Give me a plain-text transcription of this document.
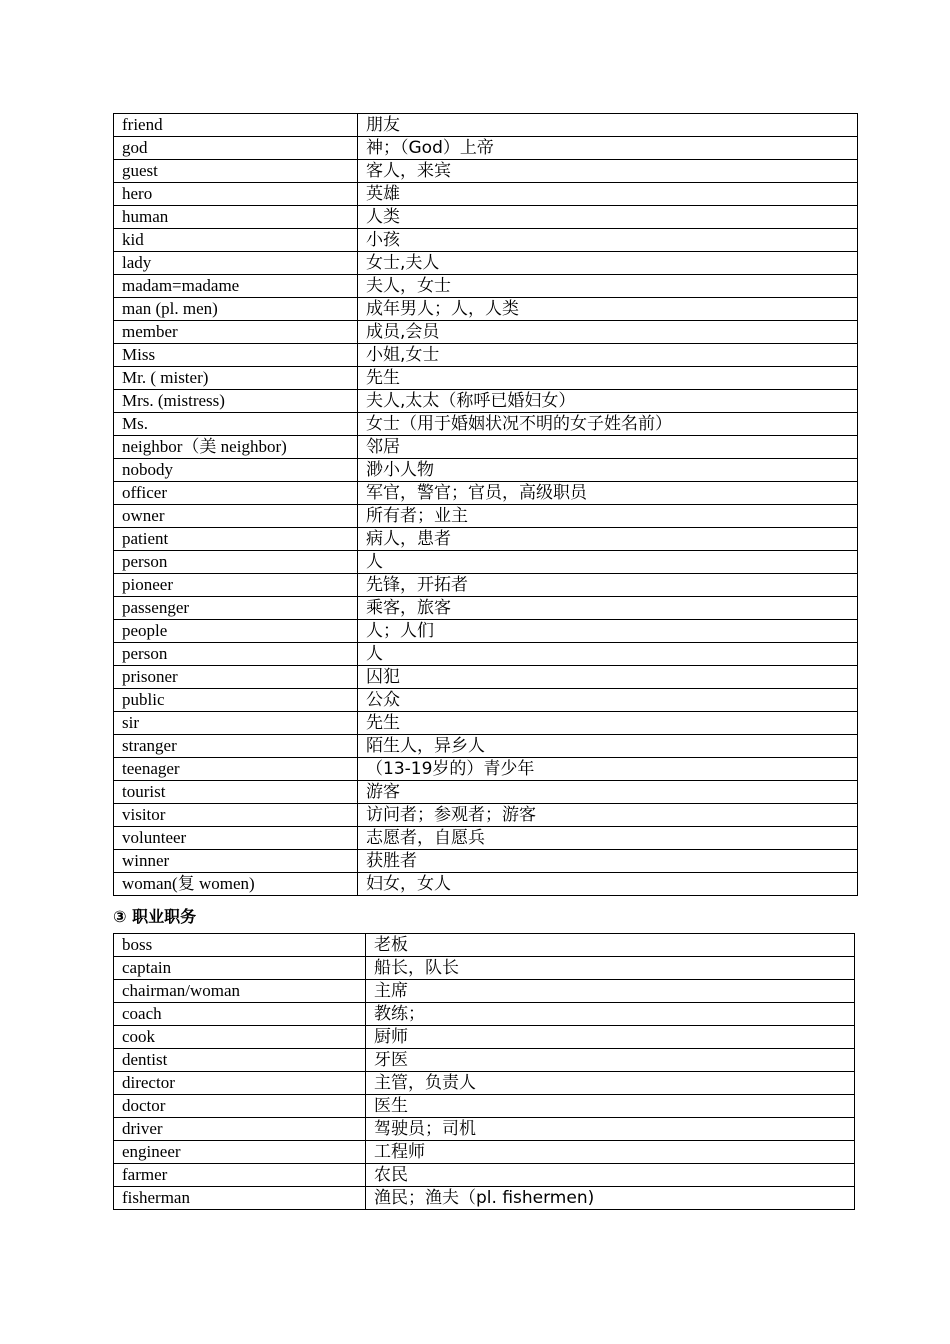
friend	朋友
god	神；（God）上帝
guest	客人，来宾
hero	英雄
human	人类
kid	小孩
lady	女士,夫人
madam=madame	夫人，女士
man (pl. men)	成年男人；人，人类
member	成员,会员
Miss	小姐,女士
Mr. ( mister)	先生
Mrs. (mistress)	夫人,太太（称呼已婚妇女）
Ms.	女士（用于婚姻状况不明的女子姓名前）
neighbor（美 neighbor)	邻居
nobody	渺小人物
officer	军官，警官；官员，高级职员
owner	所有者；业主
patient	病人，患者
person	人
pioneer	先锋，开拓者
passenger	乘客，旅客
people	人；人们
person	人
prisoner	囚犯
public	公众
sir	先生
stranger	陌生人，异乡人
teenager	（13-19岁的）青少年
tourist	游客
visitor	访问者；参观者；游客
volunteer	志愿者，自愿兵
winner	获胜者
woman(复 women)	妇女，女人
③ 职业职务
boss	老板
captain	船长，队长
chairman/woman	主席
coach	教练；
cook	厨师
dentist	牙医
director	主管，负责人
doctor	医生
driver	驾驶员；司机
engineer	工程师
farmer	农民
fisherman	渔民；渔夫（pl. fishermen)
